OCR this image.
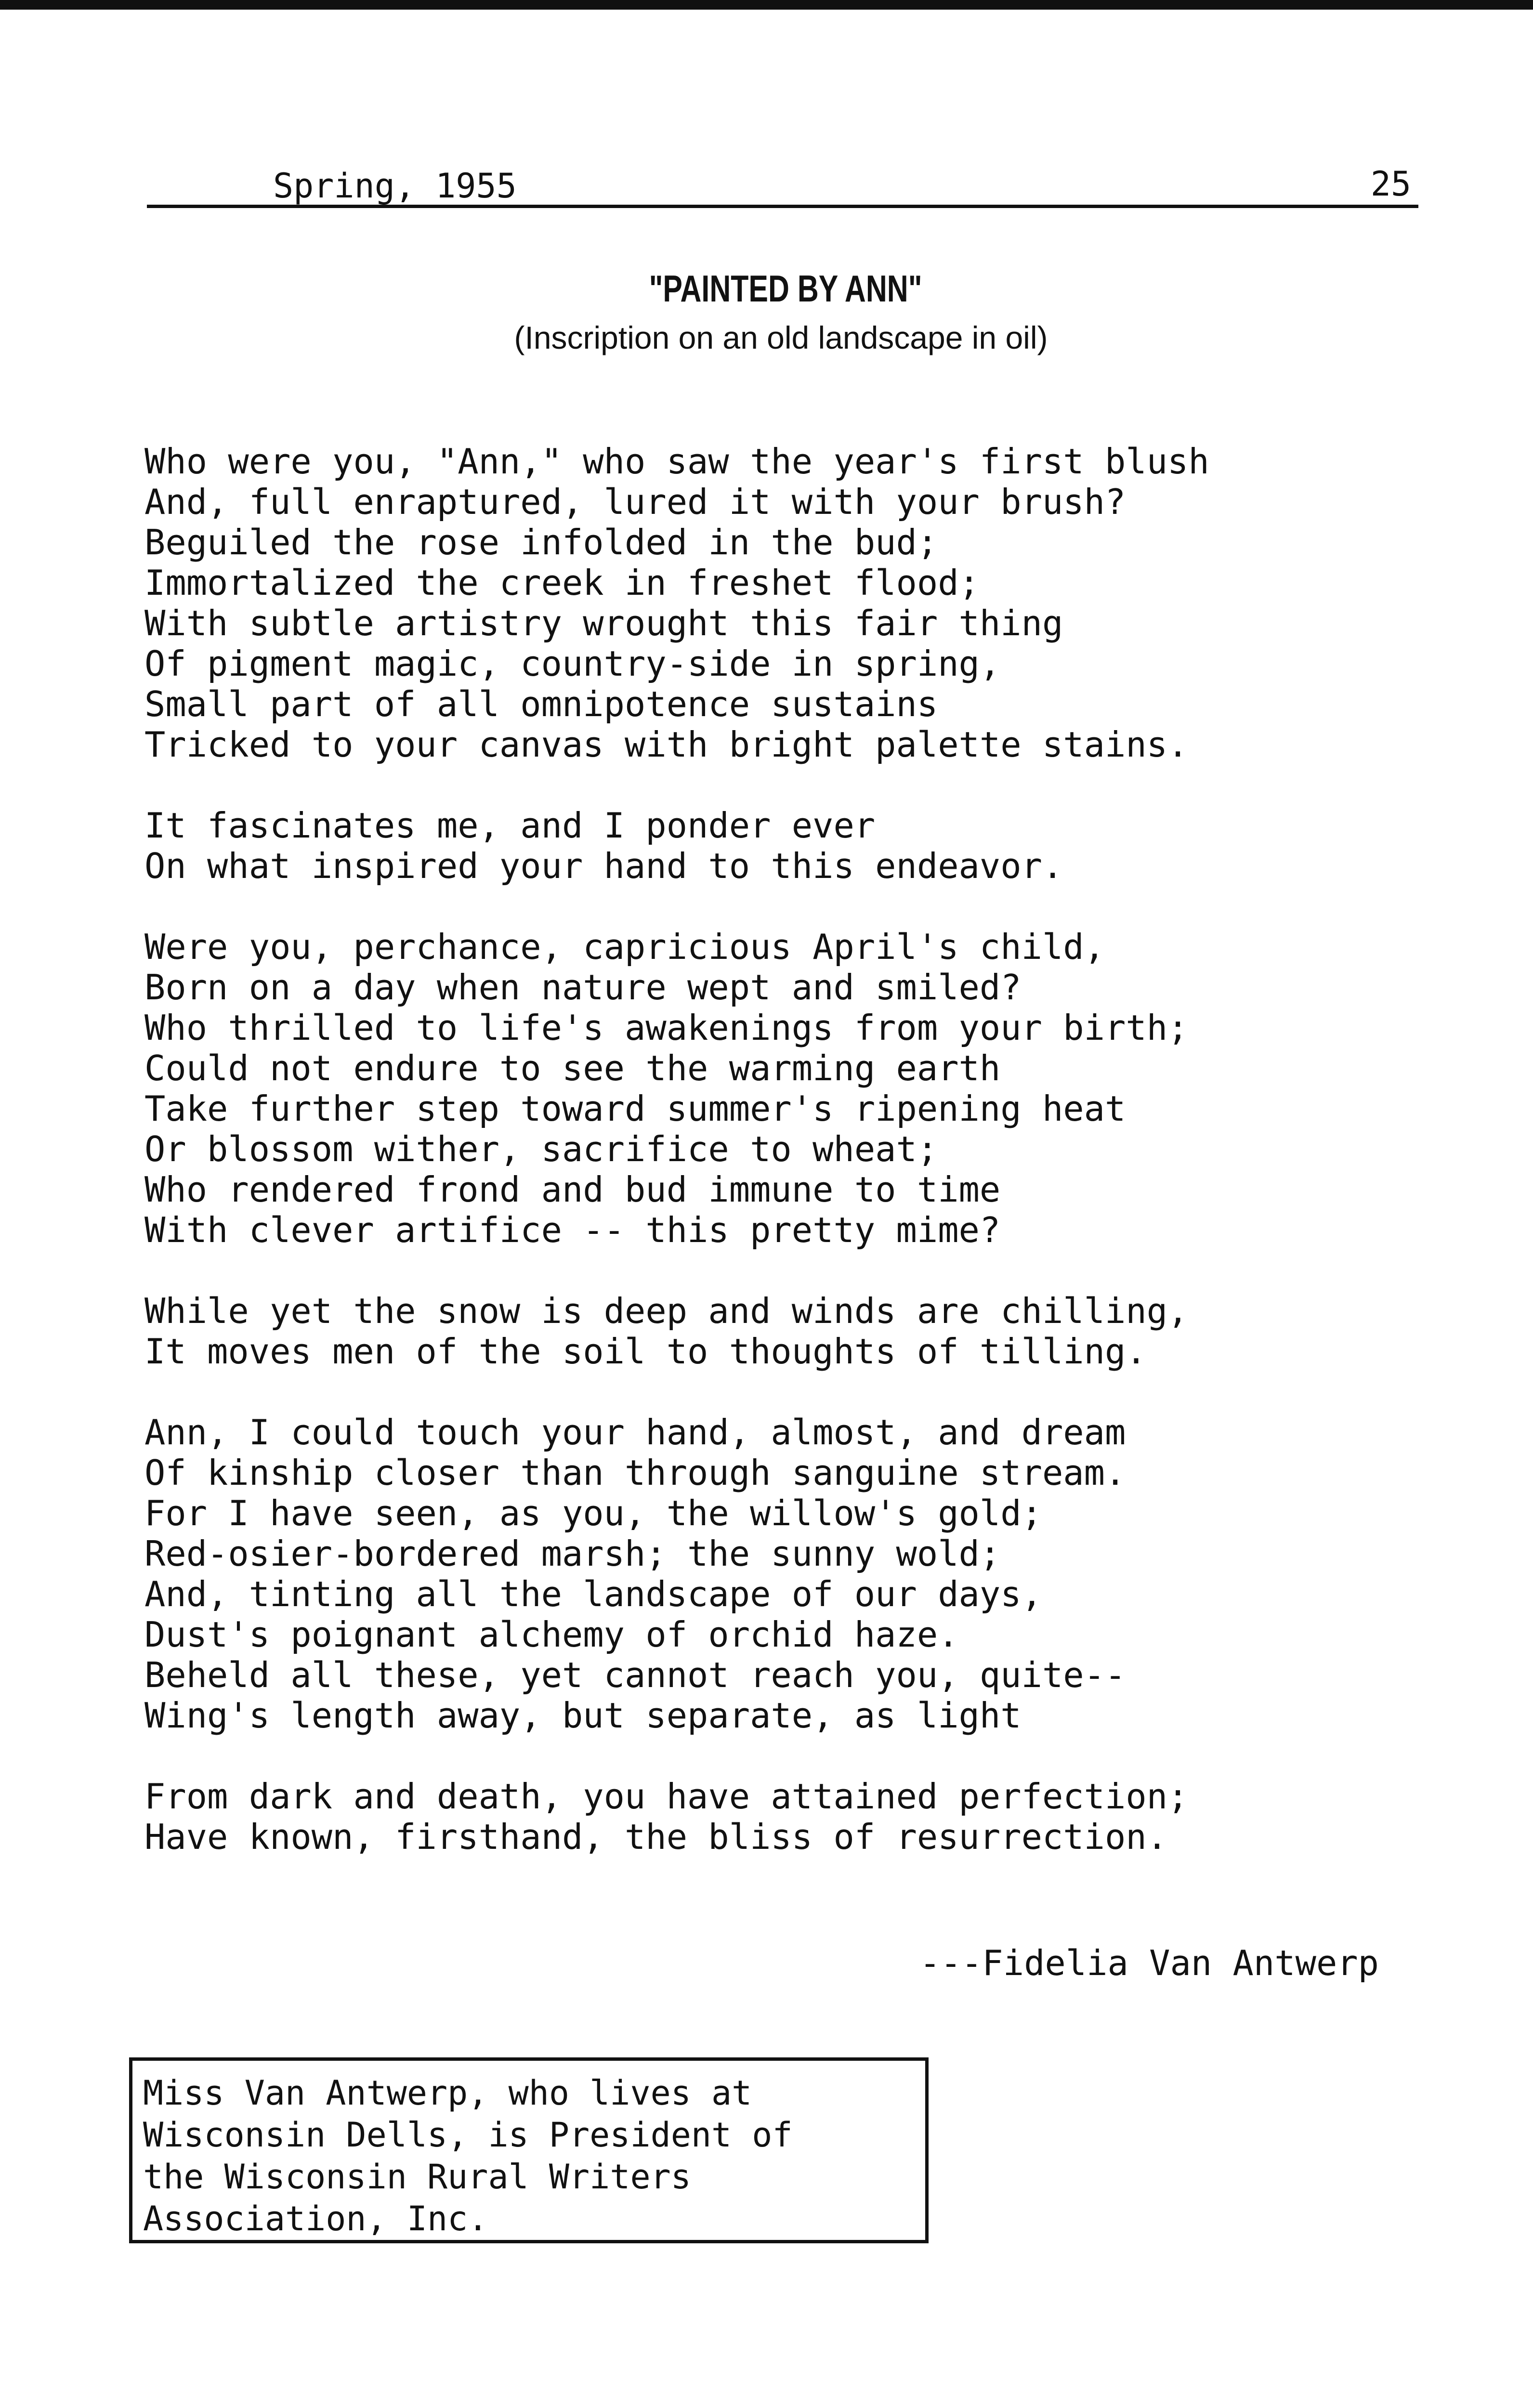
Spring, 1955	25
"PAINTED BY ANN"
(Inscription on an old landscape in oil)
Who were you, "Ann," who saw the year's first blush
And, full enraptured, lured it with your brush?
Beguiled the rose infolded in the bud;
Immortalized the creek in freshet flood;
With subtle artistry wrought this fair thing
Of pigment magic, country-side in spring,
Small part of all omnipotence sustains
Tricked to your canvas with bright palette stains.
It fascinates me, and I ponder ever
On what inspired your hand to this endeavor.
Were you, perchance, capricious April's child,
Born on a day when nature wept and smiled?
Who thrilled to life's awakenings from your birth;
Could not endure to see the warming earth
Take further step toward summer's ripening heat
Or blossom wither, sacrifice to wheat;
Who rendered frond and bud immune to time
With clever artifice -- this pretty mime?
While yet the snow is deep and winds are chilling,
It moves men of the soil to thoughts of tilling.
Ann, I could touch your hand, almost, and dream
Of kinship closer than through sanguine stream.
For I have seen, as you, the willow's gold;
Red-osier-bordered marsh; the sunny wold;
And, tinting all the landscape of our days,
Dust's poignant alchemy of orchid haze.
Beheld all these, yet cannot reach you, quite--
Wing's length away, but separate, as light
From dark and death, you have attained perfection;
Have known, firsthand, the bliss of resurrection.
---Fidelia Van Antwerp
Miss Van Antwerp, who lives at
Wisconsin Dells, is President of
the Wisconsin Rural Writers
Association, Inc.
